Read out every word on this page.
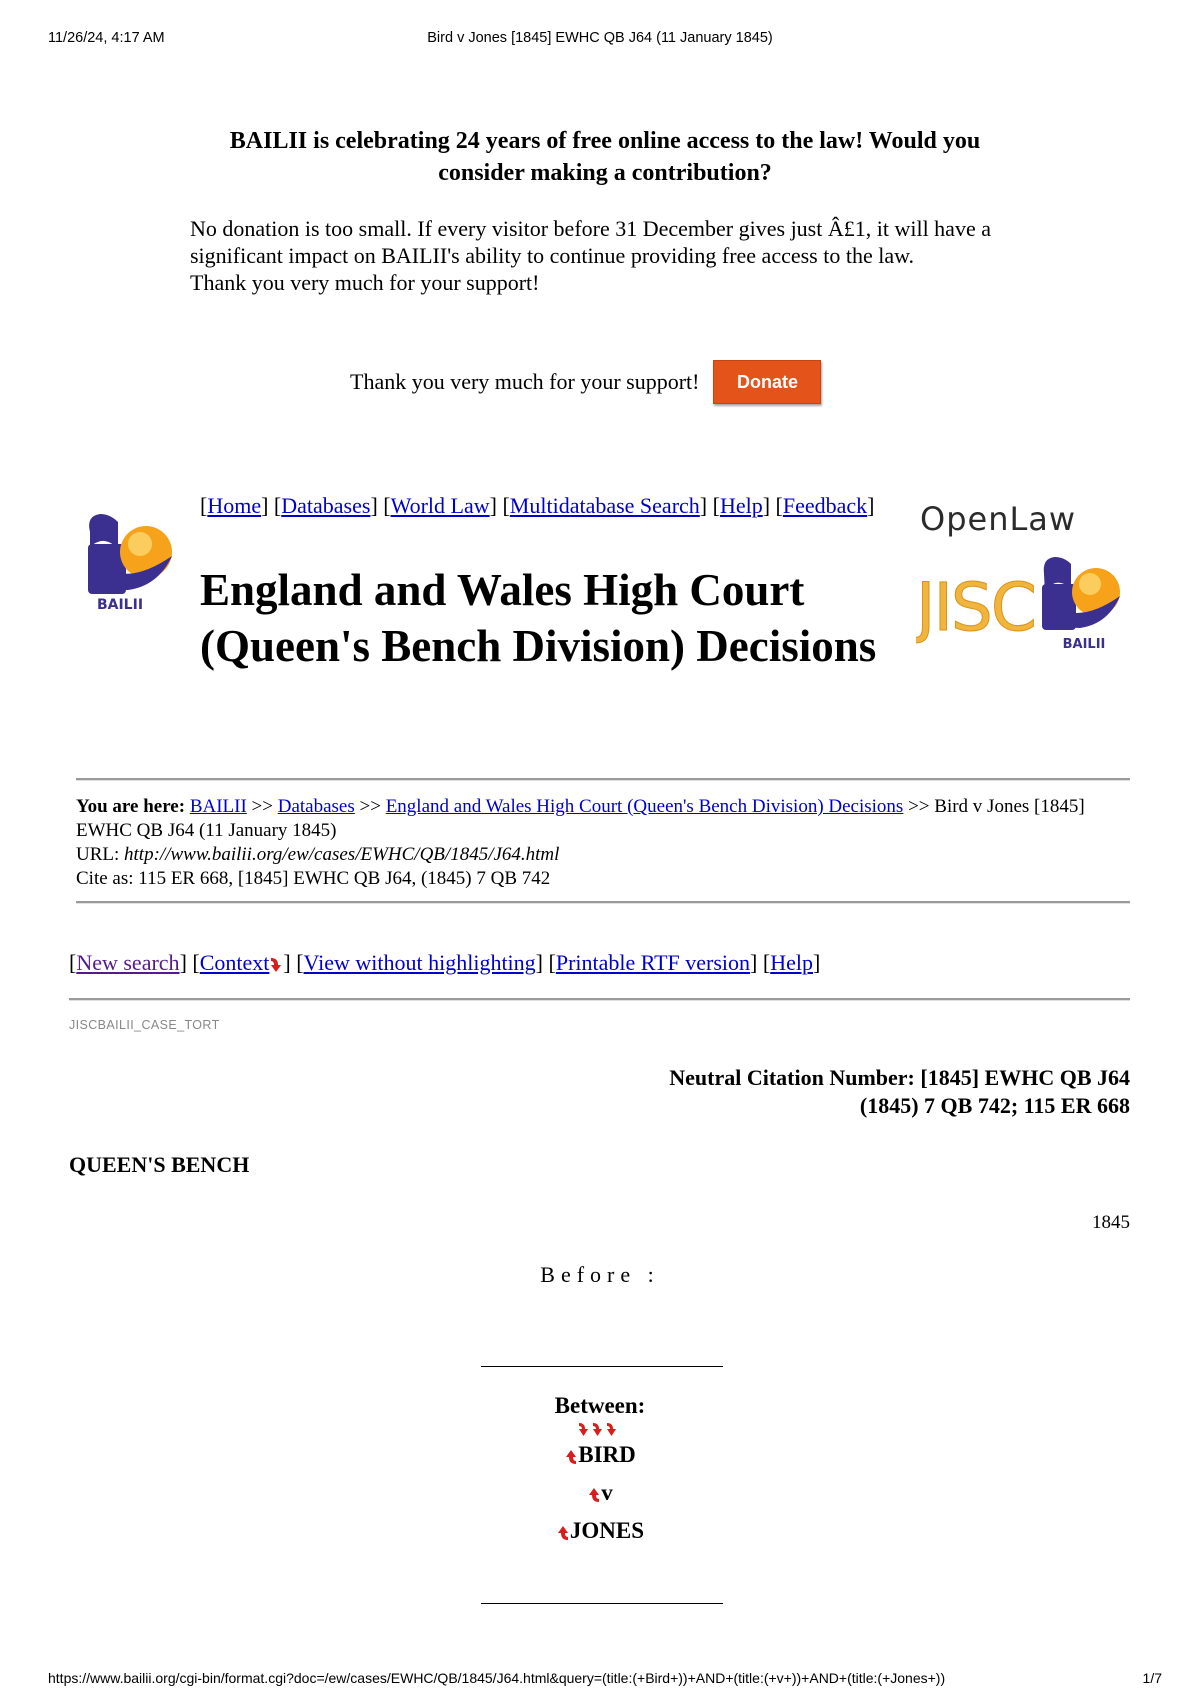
11/26/24, 4:17 AM	Bird v Jones [1845] EWHC QB J64 (11 January 1845)
BAILII is celebrating 24 years of free online access to the law! Would you consider making a contribution?
No donation is too small. If every visitor before 31 December gives just Â£1, it will have a significant impact on BAILII's ability to continue providing free access to the law.
Thank you very much for your support!
Thank you very much for your support!	Donate
BAILII
OpenLaw
JISC BAILII
[Home] [Databases] [World Law] [Multidatabase Search] [Help] [Feedback]
England and Wales High Court (Queen's Bench Division) Decisions
You are here: BAILII >> Databases >> England and Wales High Court (Queen's Bench Division) Decisions >> Bird v Jones [1845] EWHC QB J64 (11 January 1845)
URL: http://www.bailii.org/ew/cases/EWHC/QB/1845/J64.html
Cite as: 115 ER 668, [1845] EWHC QB J64, (1845) 7 QB 742
[New search] [Context ] [View without highlighting] [Printable RTF version] [Help]
JISCBAILII_CASE_TORT
Neutral Citation Number: [1845] EWHC QB J64
(1845) 7 QB 742; 115 ER 668
QUEEN'S BENCH
1845
Before :
Between:
BIRD
v
JONES
https://www.bailii.org/cgi-bin/format.cgi?doc=/ew/cases/EWHC/QB/1845/J64.html&query=(title:(+Bird+))+AND+(title:(+v+))+AND+(title:(+Jones+))	1/7
